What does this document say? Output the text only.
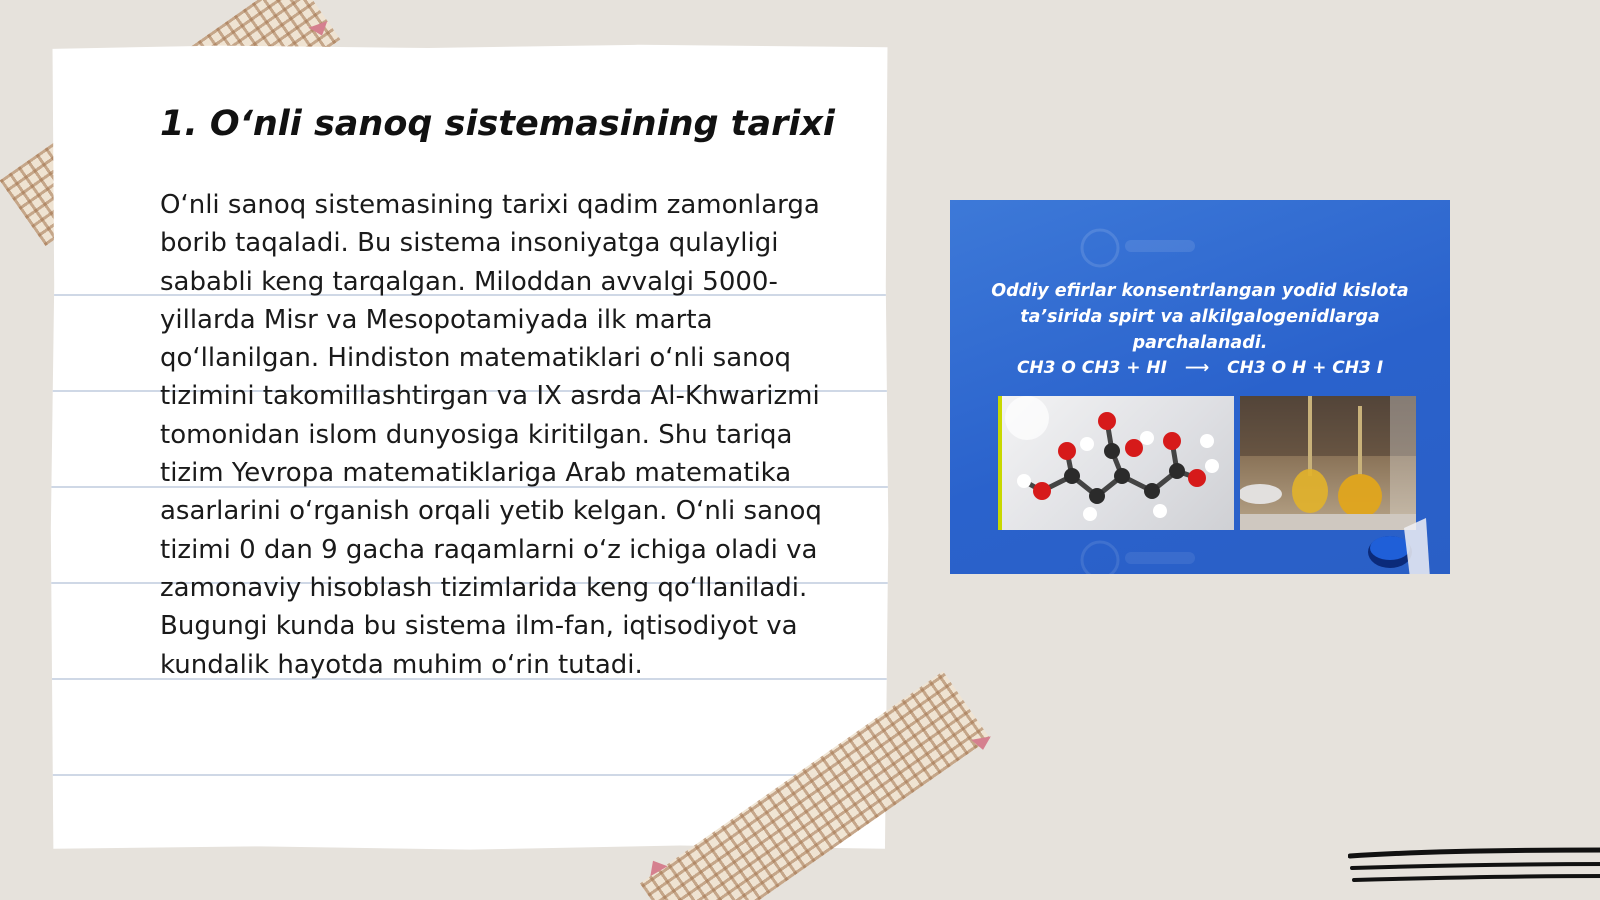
1. O‘nli sanoq sistemasining tarixi

O‘nli sanoq sistemasining tarixi qadim zamonlarga borib taqaladi. Bu sistema insoniyatga qulayligi sababli keng tarqalgan. Miloddan avvalgi 5000-yillarda Misr va Mesopotamiyada ilk marta qo‘llanilgan. Hindiston matematiklari o‘nli sanoq tizimini takomillashtirgan va IX asrda Al-Khwarizmi tomonidan islom dunyosiga kiritilgan. Shu tariqa tizim Yevropa matematiklariga Arab matematika asarlarini o‘rganish orqali yetib kelgan. O‘nli sanoq tizimi 0 dan 9 gacha raqamlarni o‘z ichiga oladi va zamonaviy hisoblash tizimlarida keng qo‘llaniladi. Bugungi kunda bu sistema ilm-fan, iqtisodiyot va kundalik hayotda muhim o‘rin tutadi.

Oddiy efirlar konsentrlangan yodid kislota ta’sirida spirt va alkilgalogenidlarga parchalanadi.
CH3 O CH3 + HI ⟶ CH3 O H + CH3 I
